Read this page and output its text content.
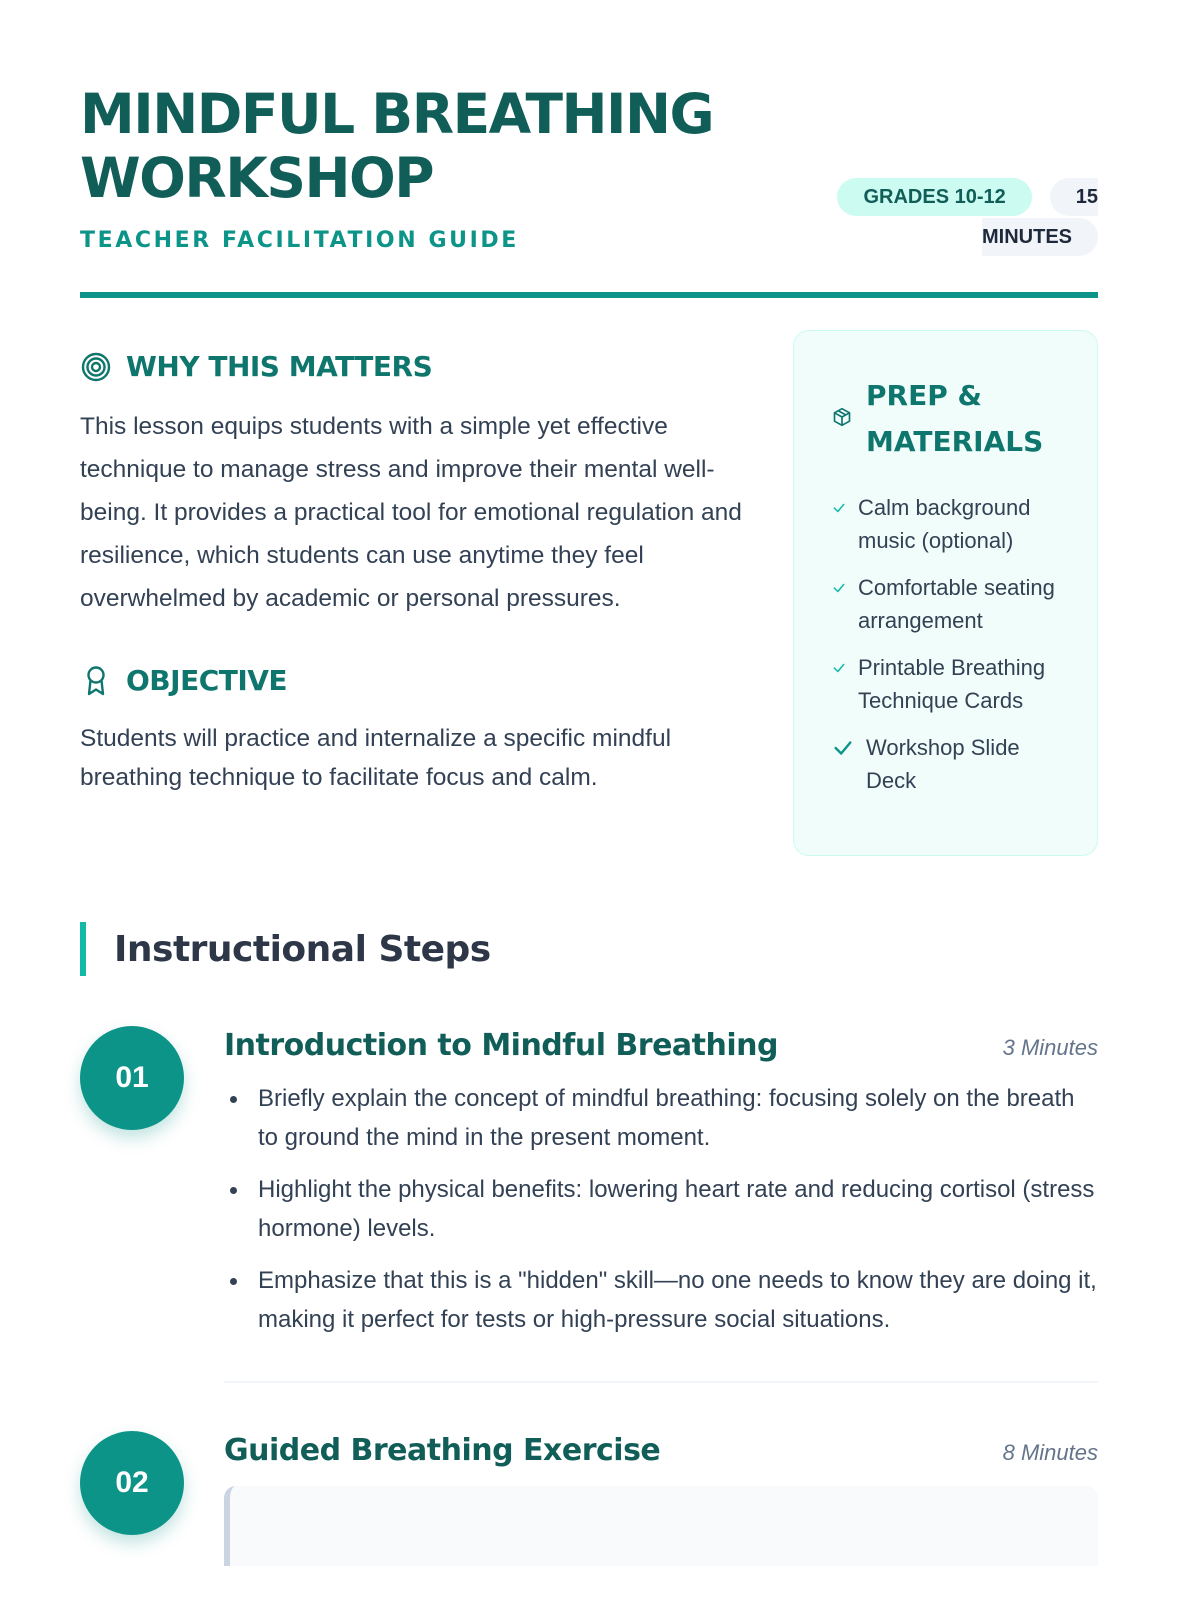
MINDFUL BREATHING WORKSHOP
TEACHER FACILITATION GUIDE
GRADES 10-12	15 MINUTES
WHY THIS MATTERS

This lesson equips students with a simple yet effective technique to manage stress and improve their mental well-being. It provides a practical tool for emotional regulation and resilience, which students can use anytime they feel overwhelmed by academic or personal pressures.

OBJECTIVE

Students will practice and internalize a specific mindful breathing technique to facilitate focus and calm.

PREP & MATERIALS
Calm background music (optional)
Comfortable seating arrangement
Printable Breathing Technique Cards
Workshop Slide Deck
Instructional Steps
01
Introduction to Mindful Breathing	3 Minutes
Briefly explain the concept of mindful breathing: focusing solely on the breath to ground the mind in the present moment.
Highlight the physical benefits: lowering heart rate and reducing cortisol (stress hormone) levels.
Emphasize that this is a "hidden" skill—no one needs to know they are doing it, making it perfect for tests or high-pressure social situations.
02
Guided Breathing Exercise	8 Minutes
